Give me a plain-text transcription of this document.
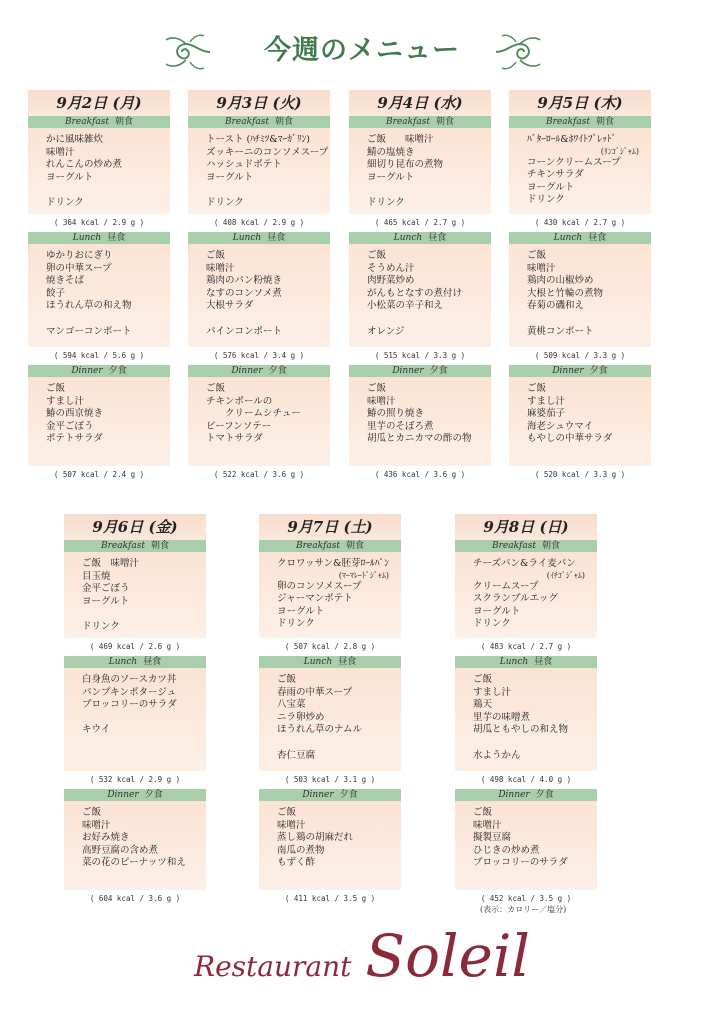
今週のメニュー
9月2日 (月)
Breakfast 朝食
かに風味雑炊
味噌汁
れんこんの炒め煮
ヨーグルト
ドリンク
( 364 kcal / 2.9 g )
Lunch 昼食
ゆかりおにぎり
卵の中華スープ
焼きそば
餃子
ほうれん草の和え物
マンゴーコンポート
( 594 kcal / 5.6 g )
Dinner 夕食
ご飯
すまし汁
鰆の西京焼き
金平ごぼう
ポテトサラダ
( 507 kcal / 2.4 g )
9月3日 (火)
Breakfast 朝食
トースト (ﾊﾁﾐﾂ&ﾏｰｶﾞﾘﾝ)
ズッキーニのコンソメスープ
ハッシュドポテト
ヨーグルト
ドリンク
( 408 kcal / 2.9 g )
Lunch 昼食
ご飯
味噌汁
鶏肉のパン粉焼き
なすのコンソメ煮
大根サラダ
パインコンポート
( 576 kcal / 3.4 g )
Dinner 夕食
ご飯
チキンボールの
　　クリームシチュー
ビーフンソテー
トマトサラダ
( 522 kcal / 3.6 g )
9月4日 (水)
Breakfast 朝食
ご飯　　味噌汁
鯖の塩焼き
細切り昆布の煮物
ヨーグルト
ドリンク
( 465 kcal / 2.7 g )
Lunch 昼食
ご飯
そうめん汁
肉野菜炒め
がんもとなすの煮付け
小松菜の辛子和え
オレンジ
( 515 kcal / 3.3 g )
Dinner 夕食
ご飯
味噌汁
鰆の照り焼き
里芋のそぼろ煮
胡瓜とカニカマの酢の物
( 436 kcal / 3.6 g )
9月5日 (木)
Breakfast 朝食
ﾊﾞﾀｰﾛｰﾙ&ﾎﾜｲﾄﾌﾞﾚｯﾄﾞ
(ﾘﾝｺﾞｼﾞｬﾑ)
コーンクリームスープ
チキンサラダ
ヨーグルト
ドリンク
( 430 kcal / 2.7 g )
Lunch 昼食
ご飯
味噌汁
鶏肉の山椒炒め
大根と竹輪の煮物
春菊の磯和え
黄桃コンポート
( 509 kcal / 3.3 g )
Dinner 夕食
ご飯
すまし汁
麻婆茄子
海老シュウマイ
もやしの中華サラダ
( 520 kcal / 3.3 g )
9月6日 (金)
Breakfast 朝食
ご飯　味噌汁
目玉焼
金平ごぼう
ヨーグルト
ドリンク
( 469 kcal / 2.6 g )
Lunch 昼食
白身魚のソースカツ丼
パンプキンポタージュ
ブロッコリーのサラダ
キウイ
( 532 kcal / 2.9 g )
Dinner 夕食
ご飯
味噌汁
お好み焼き
高野豆腐の含め煮
菜の花のピーナッツ和え
( 604 kcal / 3.6 g )
9月7日 (土)
Breakfast 朝食
クロワッサン&胚芽ﾛｰﾙﾊﾟﾝ
(ﾏｰﾏﾚｰﾄﾞｼﾞｬﾑ)
卵のコンソメスープ
ジャーマンポテト
ヨーグルト
ドリンク
( 507 kcal / 2.8 g )
Lunch 昼食
ご飯
春雨の中華スープ
八宝菜
ニラ卵炒め
ほうれん草のナムル
杏仁豆腐
( 503 kcal / 3.1 g )
Dinner 夕食
ご飯
味噌汁
蒸し鶏の胡麻だれ
南瓜の煮物
もずく酢
( 411 kcal / 3.5 g )
9月8日 (日)
Breakfast 朝食
チーズパン&ライ麦パン
(ｲﾁｺﾞｼﾞｬﾑ)
クリームスープ
スクランブルエッグ
ヨーグルト
ドリンク
( 483 kcal / 2.7 g )
Lunch 昼食
ご飯
すまし汁
鶏天
里芋の味噌煮
胡瓜ともやしの和え物
水ようかん
( 498 kcal / 4.0 g )
Dinner 夕食
ご飯
味噌汁
擬製豆腐
ひじきの炒め煮
ブロッコリーのサラダ
( 452 kcal / 3.5 g )
(表示：カロリー／塩分)
Restaurant Soleil
